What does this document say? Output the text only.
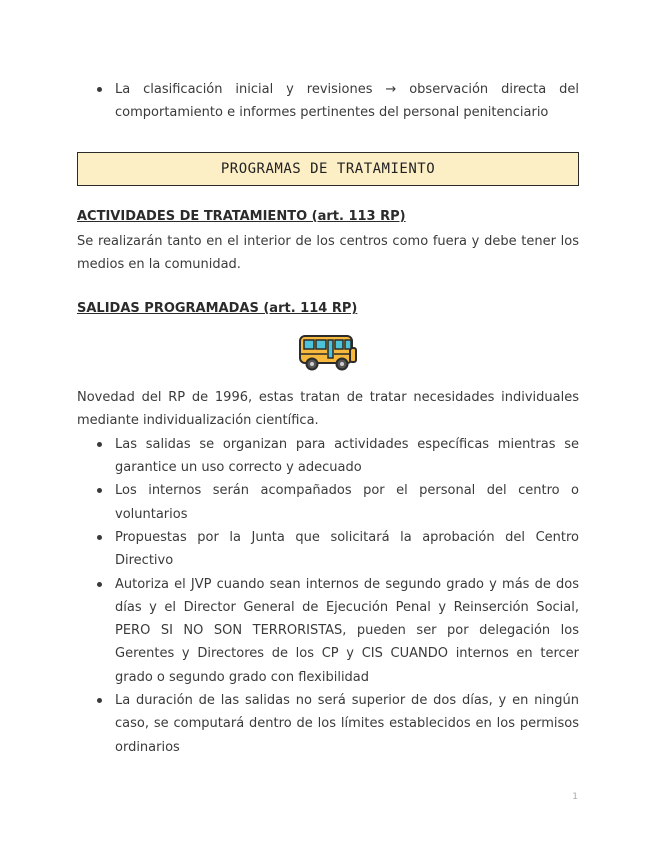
La clasificación inicial y revisiones → observación directa del comportamiento e informes pertinentes del personal penitenciario
PROGRAMAS DE TRATAMIENTO

ACTIVIDADES DE TRATAMIENTO (art. 113 RP)

Se realizarán tanto en el interior de los centros como fuera y debe tener los medios en la comunidad.

SALIDAS PROGRAMADAS (art. 114 RP)

Novedad del RP de 1996, estas tratan de tratar necesidades individuales mediante individualización científica.

Las salidas se organizan para actividades específicas mientras se garantice un uso correcto y adecuado
Los internos serán acompañados por el personal del centro o voluntarios
Propuestas por la Junta que solicitará la aprobación del Centro Directivo
Autoriza el JVP cuando sean internos de segundo grado y más de dos días y el Director General de Ejecución Penal y Reinserción Social, PERO SI NO SON TERRORISTAS, pueden ser por delegación los Gerentes y Directores de los CP y CIS CUANDO internos en tercer grado o segundo grado con flexibilidad
La duración de las salidas no será superior de dos días, y en ningún caso, se computará dentro de los límites establecidos en los permisos ordinarios
1
